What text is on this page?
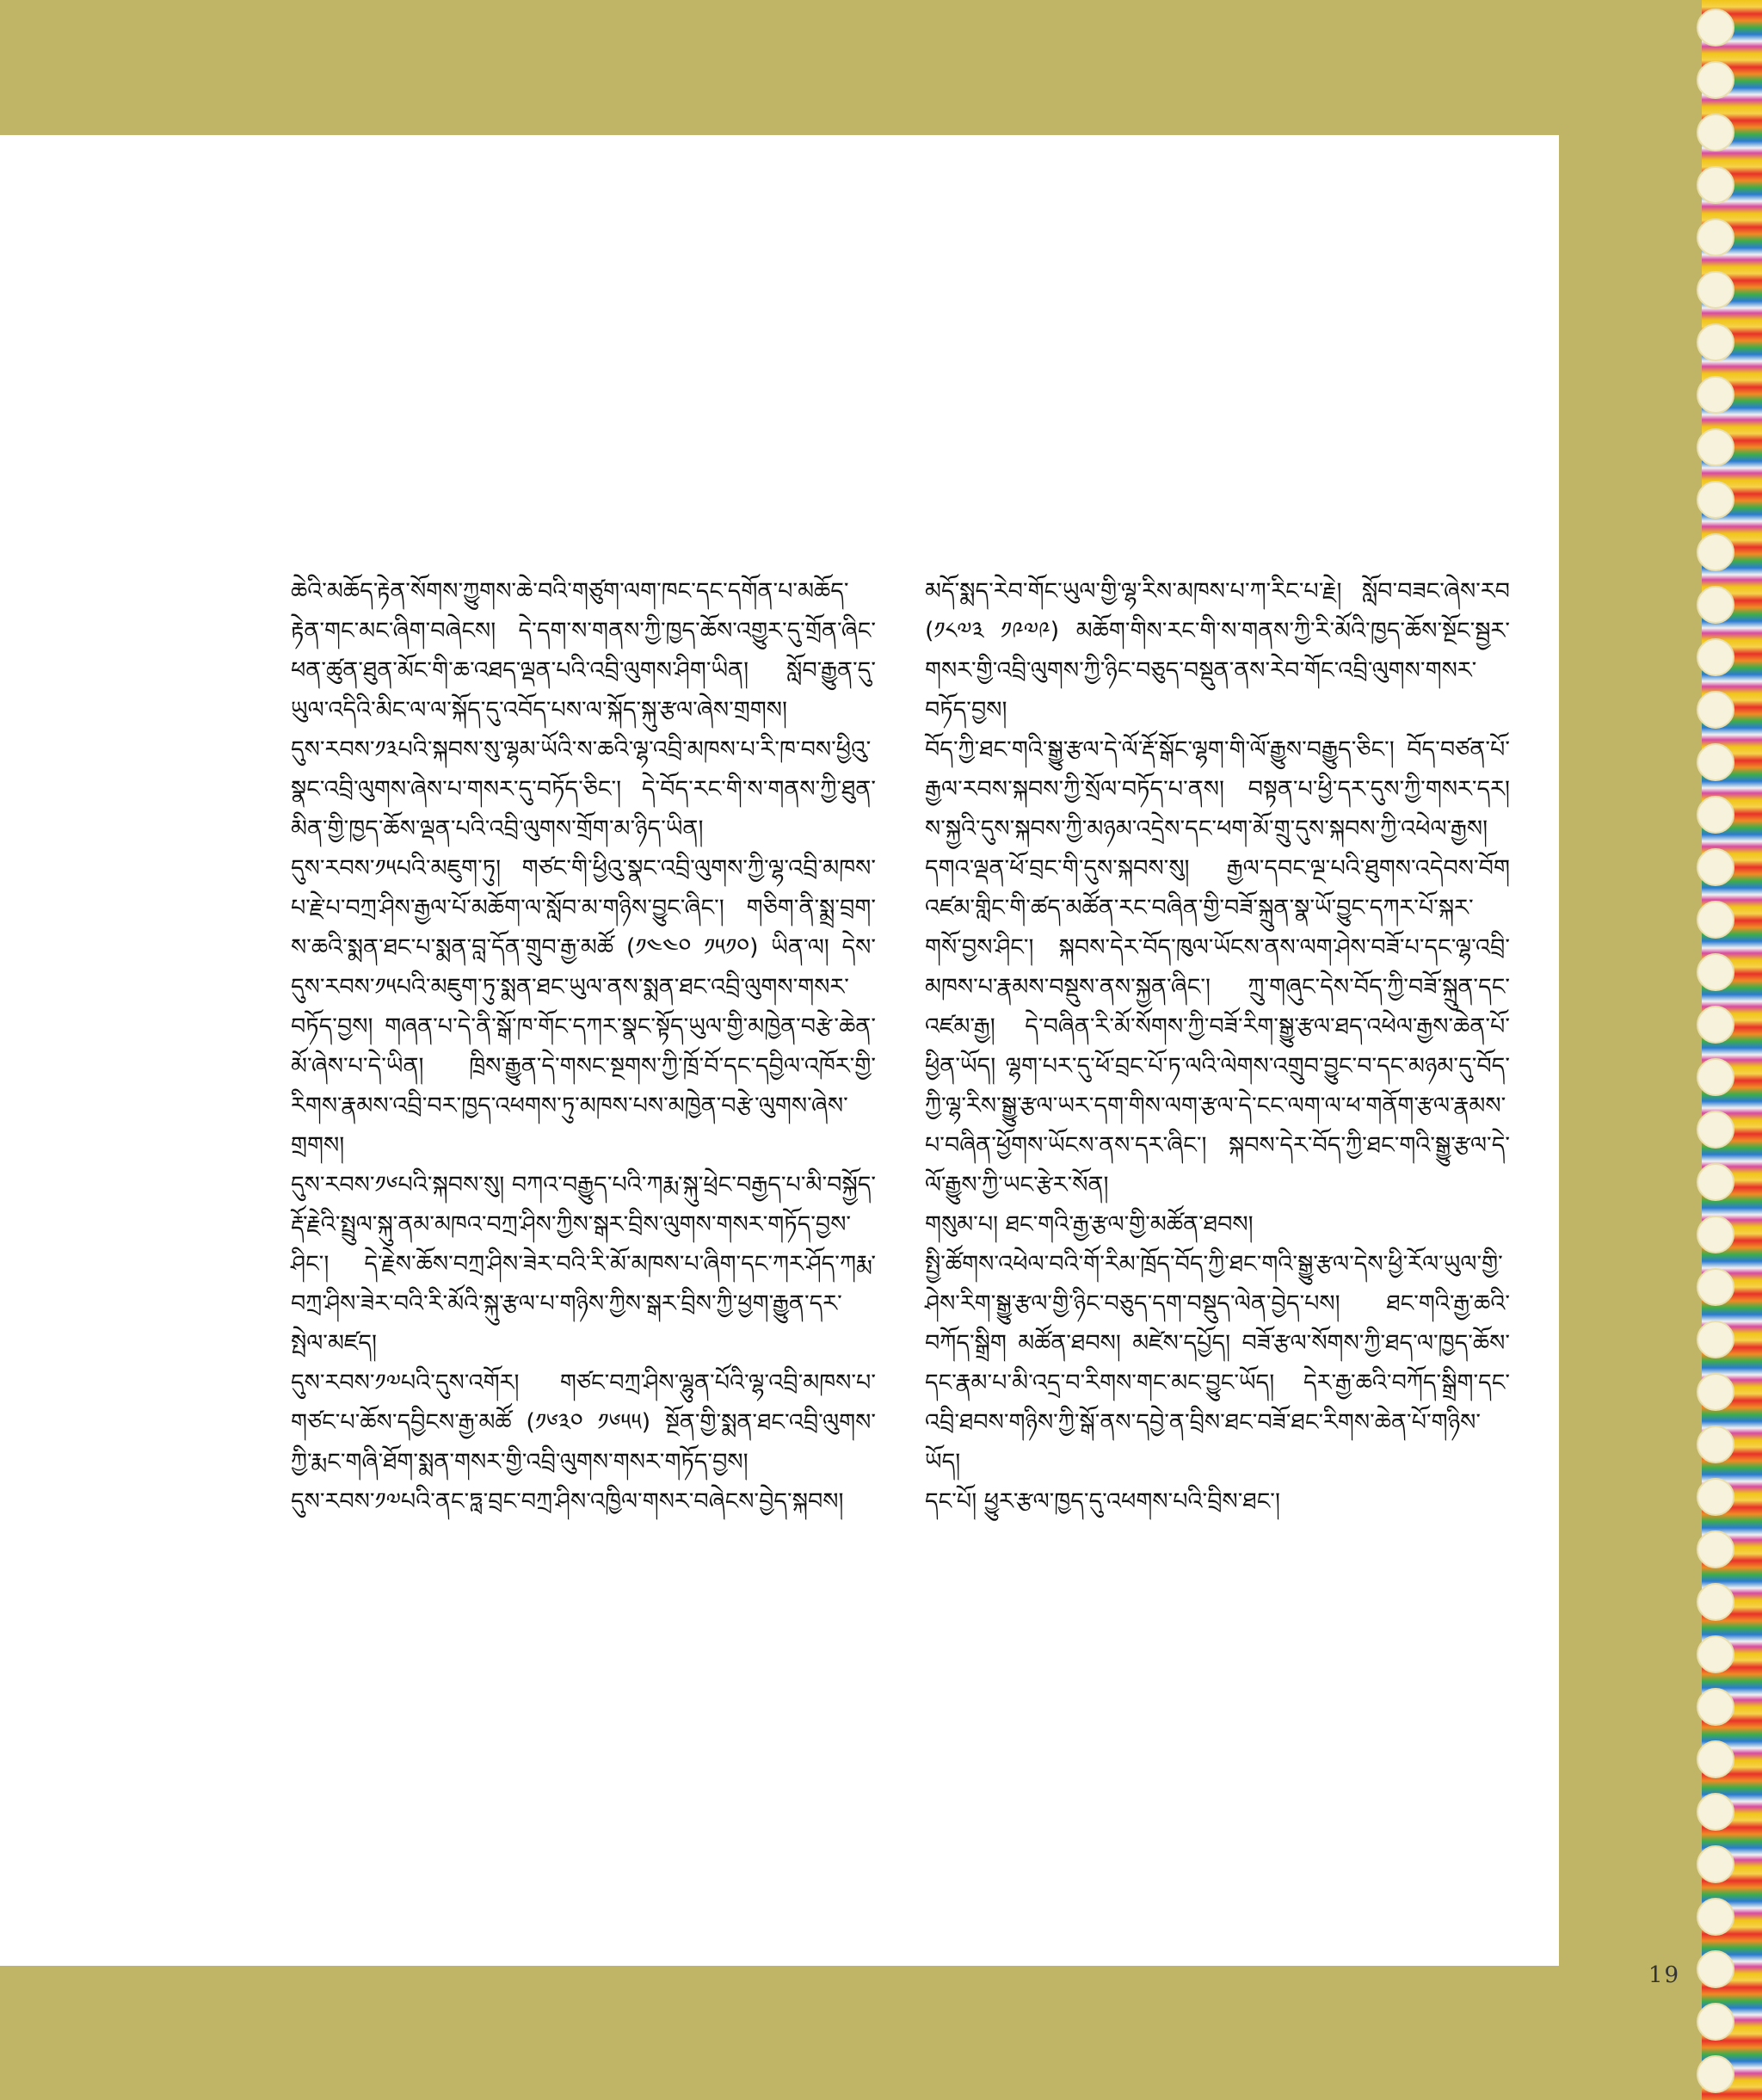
ཆེའི་མཆོད་རྟེན་སོགས་ཀྱུགས་ཆེ་བའི་གཙུག་ལག་ཁང་དང་དགོན་པ་མཆོད་རྟེན་གང་མང་ཞིག་བཞེངས། དེ་དག་ས་གནས་ཀྱི་ཁྱད་ཆོས་འགྱུར་དུ་གྲོན་ཞིང་ཕན་ཚུན་ཐུན་མོང་གི་ཆ་འཐད་ལྡན་པའི་འབྲི་ལུགས་ཤིག་ཡིན། སློབ་རྒྱུན་དུ་ཡུལ་འདིའི་མིང་ལ་ལ་སྐོད་དུ་འབོད་པས་ལ་སྐོད་སྐུ་རྩལ་ཞེས་གྲགས།

དུས་རབས་༡༣པའི་སྐབས་སུ་ལྷམ་ཡོའི་ས་ཆའི་ལྷ་འབྲི་མཁས་པ་རི་ཁ་བས་ཕྱིའུ་སྣང་འབྲི་ལུགས་ཞེས་པ་གསར་དུ་བཏོད་ཅིང་། དེ་བོད་རང་གི་ས་གནས་ཀྱི་ཐུན་མིན་གྱི་ཁྱད་ཆོས་ལྡན་པའི་འབྲི་ལུགས་གྲོག་མ་ཉིད་ཡིན།

དུས་རབས་༡༥པའི་མཇུག་ཏུ། གཙང་གི་ཕྱིའུ་སྣང་འབྲི་ལུགས་ཀྱི་ལྷ་འབྲི་མཁས་པ་རྗེ་པ་བཀྲ་ཤིས་རྒྱལ་པོ་མཆོག་ལ་སློབ་མ་གཉིས་བྱུང་ཞིང་། གཅིག་ནི་སྨྲ་བྲག་ས་ཆའི་སྨན་ཐང་པ་སྨན་བླ་དོན་གྲུབ་རྒྱ་མཚོ (༡༤༤༠ ༡༥༡༠) ཡིན་ལ། དེས་དུས་རབས་༡༥པའི་མཇུག་ཏུ་སྨན་ཐང་ཡུལ་ནས་སྨན་ཐང་འབྲི་ལུགས་གསར་བཏོད་བྱས། གཞན་པ་དེ་ནི་སྒོ་ཁ་གོང་དཀར་སྣང་སྟོད་ཡུལ་གྱི་མཁྱེན་བརྩེ་ཆེན་མོ་ཞེས་པ་དེ་ཡིན། ཁྲིས་རྒྱུན་དེ་གསང་སྔགས་ཀྱི་ཁྲོ་བོ་དང་དབྱིལ་འཁོར་གྱི་རིགས་རྣམས་འབྲི་བར་ཁྱད་འཕགས་ཏུ་མཁས་པས་མཁྱེན་བརྩེ་ལུགས་ཞེས་གྲགས།

དུས་རབས་༡༦པའི་སྐབས་སུ། བཀའ་བརྒྱུད་པའི་ཀརྨ་སྐུ་ཕྲེང་བརྒྱད་པ་མི་བསྐྱོད་རྡོ་རྗེའི་སྤྲུལ་སྐུ་ནམ་མཁའ་བཀྲ་ཤིས་ཀྱིས་སྒར་བྲིས་ལུགས་གསར་གཏོད་བྱས་ཤིང་། དེ་རྗེས་ཆོས་བཀྲ་ཤིས་ཟེར་བའི་རི་མོ་མཁས་པ་ཞིག་དང་ཀར་ཤོད་ཀརྨ་བཀྲ་ཤིས་ཟེར་བའི་རི་མོའི་སྐུ་རྩལ་པ་གཉིས་ཀྱིས་སྒར་བྲིས་ཀྱི་ཕྱག་རྒྱུན་དར་སྤེལ་མཛད།

དུས་རབས་༡༧པའི་དུས་འགོར། གཙང་བཀྲ་ཤིས་ལྷུན་པོའི་ལྷ་འབྲི་མཁས་པ་གཙང་པ་ཆོས་དབྱིངས་རྒྱ་མཚོ (༡༦༣༠ ༡༦༥༥) སྔོན་གྱི་སྨན་ཐང་འབྲི་ལུགས་ཀྱི་རྨང་གཞི་ཐོག་སྨན་གསར་གྱི་འབྲི་ལུགས་གསར་གཏོད་བྱས།

དུས་རབས་༡༧པའི་ནང་ཏླ་བྲང་བཀྲ་ཤིས་འཁྱིལ་གསར་བཞེངས་བྱེད་སྐབས།

མདོ་སྨད་རེབ་གོང་ཡུལ་གྱི་ལྷ་རིས་མཁས་པ་ཀ་རིང་པ་རྗེ། སློབ་བཟང་ཞེས་རབ (༡༨༧༣ ༡༩༧༩) མཆོག་གིས་རང་གི་ས་གནས་ཀྱི་རི་མོའི་ཁྱད་ཆོས་སྔོང་སྦྱར་གསར་གྱི་འབྲི་ལུགས་ཀྱི་ཉིང་བཅུད་བསྡུན་ནས་རེབ་གོང་འབྲི་ལུགས་གསར་བཏོད་བྱས།

བོད་ཀྱི་ཐང་གའི་སྒྱུ་རྩལ་དེ་ལོ་རྡོ་སྒོང་ལྷག་གི་ལོ་རྒྱུས་བརྒྱུད་ཅིང་། བོད་བཙན་པོ་རྒྱལ་རབས་སྐབས་ཀྱི་སྲོལ་བཏོད་པ་ནས། བསྟན་པ་ཕྱི་དར་དུས་ཀྱི་གསར་དར། ས་སྐྱའི་དུས་སྐབས་ཀྱི་མཉམ་འདྲེས་དང་ཕག་མོ་གྲུ་དུས་སྐབས་ཀྱི་འཕེལ་རྒྱས། དགའ་ལྡན་ཕོ་བྲང་གི་དུས་སྐབས་སུ། རྒྱལ་དབང་ལྔ་པའི་ཐུགས་འདེབས་བོག འཛམ་གླིང་གི་ཚད་མཚོན་རང་བཞིན་གྱི་བཟོ་སྐྲུན་སྣ་ཡོ་བྱུང་དཀར་པོ་སྐར་གསོ་བྱས་ཤིང་། སྐབས་དེར་བོད་ཁུལ་ཡོངས་ནས་ལག་ཤེས་བཟོ་པ་དང་ལྷ་འབྲི་མཁས་པ་རྣམས་བསྡུས་ནས་སྐྱན་ཞིང་། ཀྲུ་གཞུང་དེས་བོད་ཀྱི་བཟོ་སྐྲུན་དང་འཛམ་རྒྱ། དེ་བཞིན་རི་མོ་སོགས་ཀྱི་བཟོ་རིག་སྒྱུ་རྩལ་ཐད་འཕེལ་རྒྱས་ཆེན་པོ་ཕྱིན་ཡོད། ལྷག་པར་དུ་ཕོ་བྲང་པོ་ཏ་ལའི་ལེགས་འགྲུབ་བྱུང་བ་དང་མཉམ་དུ་བོད་ཀྱི་ལྷ་རིས་སྒྱུ་རྩལ་ཡར་དག་གིས་ལག་རྩལ་དེ་ངང་ལག་ལ་ཕ་གནོག་རྩལ་རྣམས་པ་བཞིན་ཕྱོགས་ཡོངས་ནས་དར་ཞིང་། སྐབས་དེར་བོད་ཀྱི་ཐང་གའི་སྒྱུ་རྩལ་དེ་ལོ་རྒྱུས་ཀྱི་ཡང་རྩེར་སོན།

གསུམ་པ། ཐང་གའི་རྒྱ་རྩལ་གྱི་མཚོན་ཐབས།

སྤྱི་ཚོགས་འཕེལ་བའི་གོ་རིམ་ཁྲོད་བོད་ཀྱི་ཐང་གའི་སྒྱུ་རྩལ་དེས་ཕྱི་རོལ་ཡུལ་གྱི་ཤེས་རིག་སྒྱུ་རྩལ་གྱི་ཉིང་བཅུད་དག་བསྡུད་ལེན་བྱེད་པས། ཐང་གའི་རྒྱ་ཆའི་བཀོད་སྒྲིག མཚོན་ཐབས། མཛེས་དཔྱོད། བཟོ་རྩལ་སོགས་ཀྱི་ཐད་ལ་ཁྱད་ཆོས་དང་རྣམ་པ་མི་འདྲ་བ་རིགས་གང་མང་བྱུང་ཡོད། དེར་རྒྱ་ཆའི་བཀོད་སྒྲིག་དང་འབྲི་ཐབས་གཉིས་ཀྱི་སྒོ་ནས་དབྱེ་ན་བྲིས་ཐང་བཟོ་ཐང་རིགས་ཆེན་པོ་གཉིས་ཡོད།

དང་པོ། ཕྱུར་རྩལ་ཁྱད་དུ་འཕགས་པའི་བྲིས་ཐང་།

19
